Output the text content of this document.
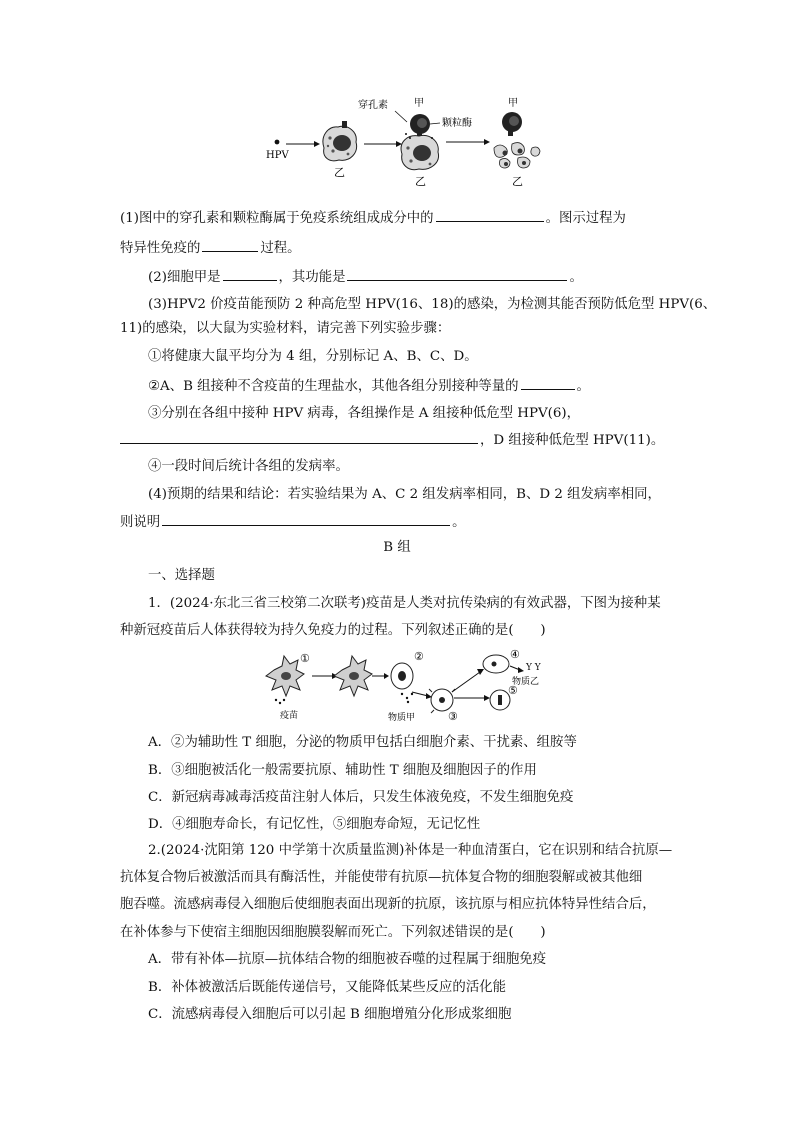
HPV
乙
穿孔素	甲
颗粒酶
乙
甲
乙
(1)图中的穿孔素和颗粒酶属于免疫系统组成成分中的	。图示过程为
特异性免疫的	过程。
(2)细胞甲是	，其功能是	。
(3)HPV2 价疫苗能预防 2 种高危型 HPV(16、18)的感染，为检测其能否预防低危型 HPV(6、
11)的感染，以大鼠为实验材料，请完善下列实验步骤：
①将健康大鼠平均分为 4 组，分别标记 A、B、C、D。
②A、B 组接种不含疫苗的生理盐水，其他各组分别接种等量的	。
③分别在各组中接种 HPV 病毒，各组操作是 A 组接种低危型 HPV(6)，
，D 组接种低危型 HPV(11)。
④一段时间后统计各组的发病率。
(4)预期的结果和结论：若实验结果为 A、C 2 组发病率相同，B、D 2 组发病率相同，
则说明	。
B 组
一、选择题
1．(2024·东北三省三校第二次联考)疫苗是人类对抗传染病的有效武器，下图为接种某
种新冠疫苗后人体获得较为持久免疫力的过程。下列叙述正确的是(　　)
①
疫苗
②
物质甲	③
④
Y Y
物质乙
⑤
A．②为辅助性 T 细胞，分泌的物质甲包括白细胞介素、干扰素、组胺等
B．③细胞被活化一般需要抗原、辅助性 T 细胞及细胞因子的作用
C．新冠病毒减毒活疫苗注射人体后，只发生体液免疫，不发生细胞免疫
D．④细胞寿命长，有记忆性，⑤细胞寿命短，无记忆性
2.(2024·沈阳第 120 中学第十次质量监测)补体是一种血清蛋白，它在识别和结合抗原—
抗体复合物后被激活而具有酶活性，并能使带有抗原—抗体复合物的细胞裂解或被其他细
胞吞噬。流感病毒侵入细胞后使细胞表面出现新的抗原，该抗原与相应抗体特异性结合后，
在补体参与下使宿主细胞因细胞膜裂解而死亡。下列叙述错误的是(　　)
A．带有补体—抗原—抗体结合物的细胞被吞噬的过程属于细胞免疫
B．补体被激活后既能传递信号，又能降低某些反应的活化能
C．流感病毒侵入细胞后可以引起 B 细胞增殖分化形成浆细胞
